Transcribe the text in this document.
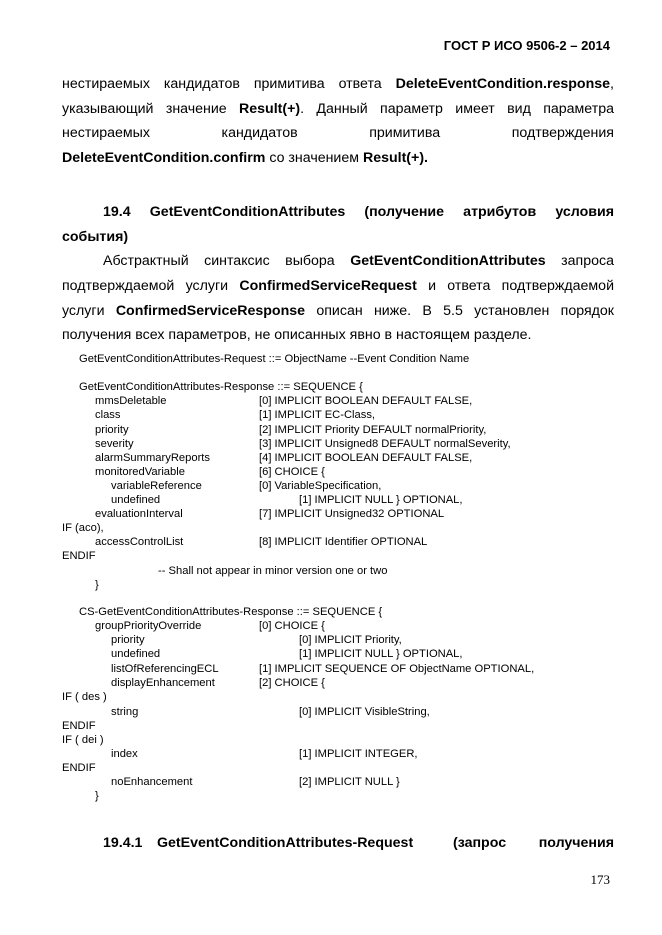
ГОСТ Р ИСО 9506-2 – 2014
нестираемых кандидатов примитива ответа DeleteEventCondition.response,
указывающий значение Result(+). Данный параметр имеет вид параметра
нестираемых кандидатов примитива подтверждения
DeleteEventCondition.confirm со значением Result(+).
19.4 GetEventConditionAttributes (получение атрибутов условия
события)
Абстрактный синтаксис выбора GetEventConditionAttributes запроса
подтверждаемой услуги ConfirmedServiceRequest и ответа подтверждаемой
услуги ConfirmedServiceResponse описан ниже. В 5.5 установлен порядок
получения всех параметров, не описанных явно в настоящем разделе.
GetEventConditionAttributes-Request ::= ObjectName --Event Condition Name
GetEventConditionAttributes-Response ::= SEQUENCE {
mmsDeletable	[0] IMPLICIT BOOLEAN DEFAULT FALSE,
class	[1] IMPLICIT EC-Class,
priority	[2] IMPLICIT Priority DEFAULT normalPriority,
severity	[3] IMPLICIT Unsigned8 DEFAULT normalSeverity,
alarmSummaryReports	[4] IMPLICIT BOOLEAN DEFAULT FALSE,
monitoredVariable	[6] CHOICE {
variableReference	[0] VariableSpecification,
undefined	[1] IMPLICIT NULL } OPTIONAL,
evaluationInterval	[7] IMPLICIT Unsigned32 OPTIONAL
IF (aco),
accessControlList	[8] IMPLICIT Identifier OPTIONAL
ENDIF
-- Shall not appear in minor version one or two
}
CS-GetEventConditionAttributes-Response ::= SEQUENCE {
groupPriorityOverride	[0] CHOICE {
priority	[0] IMPLICIT Priority,
undefined	[1] IMPLICIT NULL } OPTIONAL,
listOfReferencingECL	[1] IMPLICIT SEQUENCE OF ObjectName OPTIONAL,
displayEnhancement	[2] CHOICE {
IF ( des )
string	[0] IMPLICIT VisibleString,
ENDIF
IF ( dei )
index	[1] IMPLICIT INTEGER,
ENDIF
noEnhancement	[2] IMPLICIT NULL }
}
19.4.1 GetEventConditionAttributes-Request	(запрос получения
173
